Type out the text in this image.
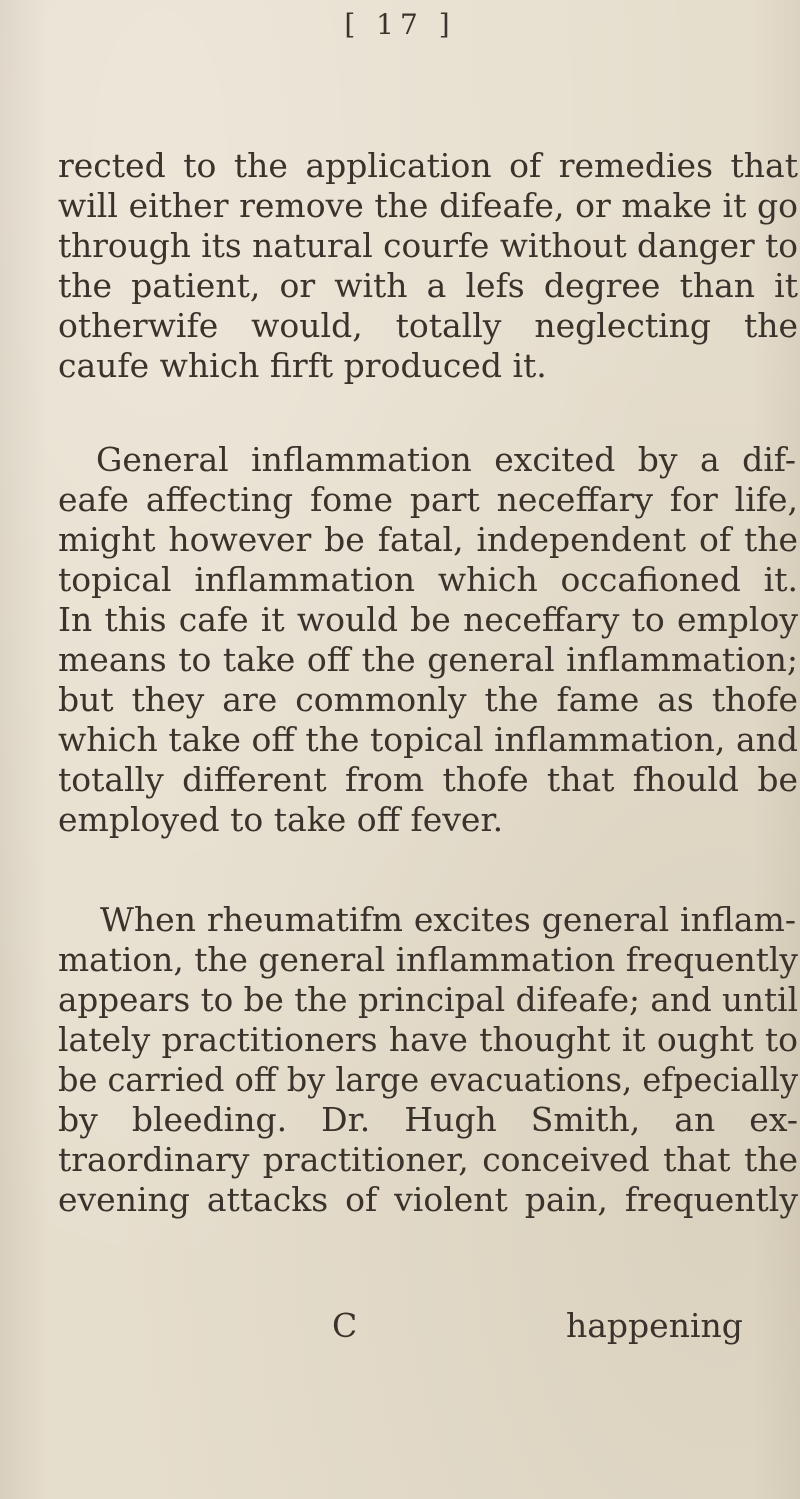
[ 17 ]
rected to the application of remedies that
will either remove the difeafe, or make it go
through its natural courfe without danger to
the patient, or with a lefs degree than it
otherwife would, totally neglecting the
caufe which firft produced it.
General inflammation excited by a dif-
eafe affecting fome part neceffary for life,
might however be fatal, independent of the
topical inflammation which occafioned it.
In this cafe it would be neceffary to employ
means to take off the general inflammation;
but they are commonly the fame as thofe
which take off the topical inflammation, and
totally different from thofe that fhould be
employed to take off fever.
When rheumatifm excites general inflam-
mation, the general inflammation frequently
appears to be the principal difeafe; and until
lately practitioners have thought it ought to
be carried off by large evacuations, efpecially
by bleeding. Dr. Hugh Smith, an ex-
traordinary practitioner, conceived that the
evening attacks of violent pain, frequently
C	happening
